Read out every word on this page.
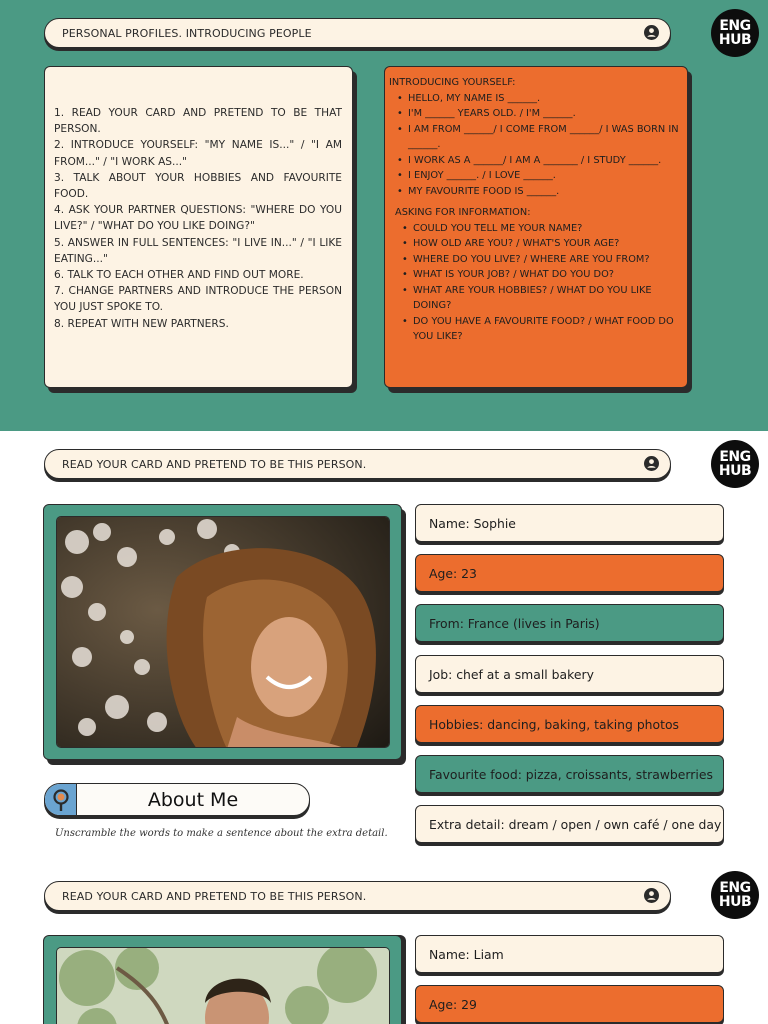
PERSONAL PROFILES. INTRODUCING PEOPLE	ENG
HUB
1. READ YOUR CARD AND PRETEND TO BE THAT PERSON.
2. INTRODUCE YOURSELF: "MY NAME IS..." / "I AM FROM..." / "I WORK AS..."
3. TALK ABOUT YOUR HOBBIES AND FAVOURITE FOOD.
4. ASK YOUR PARTNER QUESTIONS: "WHERE DO YOU LIVE?" / "WHAT DO YOU LIKE DOING?"
5. ANSWER IN FULL SENTENCES: "I LIVE IN..." / "I LIKE EATING..."
6. TALK TO EACH OTHER AND FIND OUT MORE.
7. CHANGE PARTNERS AND INTRODUCE THE PERSON YOU JUST SPOKE TO.
8. REPEAT WITH NEW PARTNERS.
INTRODUCING YOURSELF:
• HELLO, MY NAME IS ______.
• I'M ______ YEARS OLD. / I'M ______.
• I AM FROM ______/ I COME FROM ______/ I WAS BORN IN ______.
• I WORK AS A ______/ I AM A _______ / I STUDY ______.
• I ENJOY ______. / I LOVE ______.
• MY FAVOURITE FOOD IS ______.
ASKING FOR INFORMATION:
• COULD YOU TELL ME YOUR NAME?
• HOW OLD ARE YOU? / WHAT'S YOUR AGE?
• WHERE DO YOU LIVE? / WHERE ARE YOU FROM?
• WHAT IS YOUR JOB? / WHAT DO YOU DO?
• WHAT ARE YOUR HOBBIES? / WHAT DO YOU LIKE DOING?
• DO YOU HAVE A FAVOURITE FOOD? / WHAT FOOD DO YOU LIKE?
READ YOUR CARD AND PRETEND TO BE THIS PERSON.	ENG
HUB
Name: Sophie
Age: 23
From: France (lives in Paris)
Job: chef at a small bakery
Hobbies: dancing, baking, taking photos
Favourite food: pizza, croissants, strawberries
Extra detail: dream / open / own café / one day
About Me
Unscramble the words to make a sentence about the extra detail.
READ YOUR CARD AND PRETEND TO BE THIS PERSON.	ENG
HUB
Name: Liam
Age: 29
